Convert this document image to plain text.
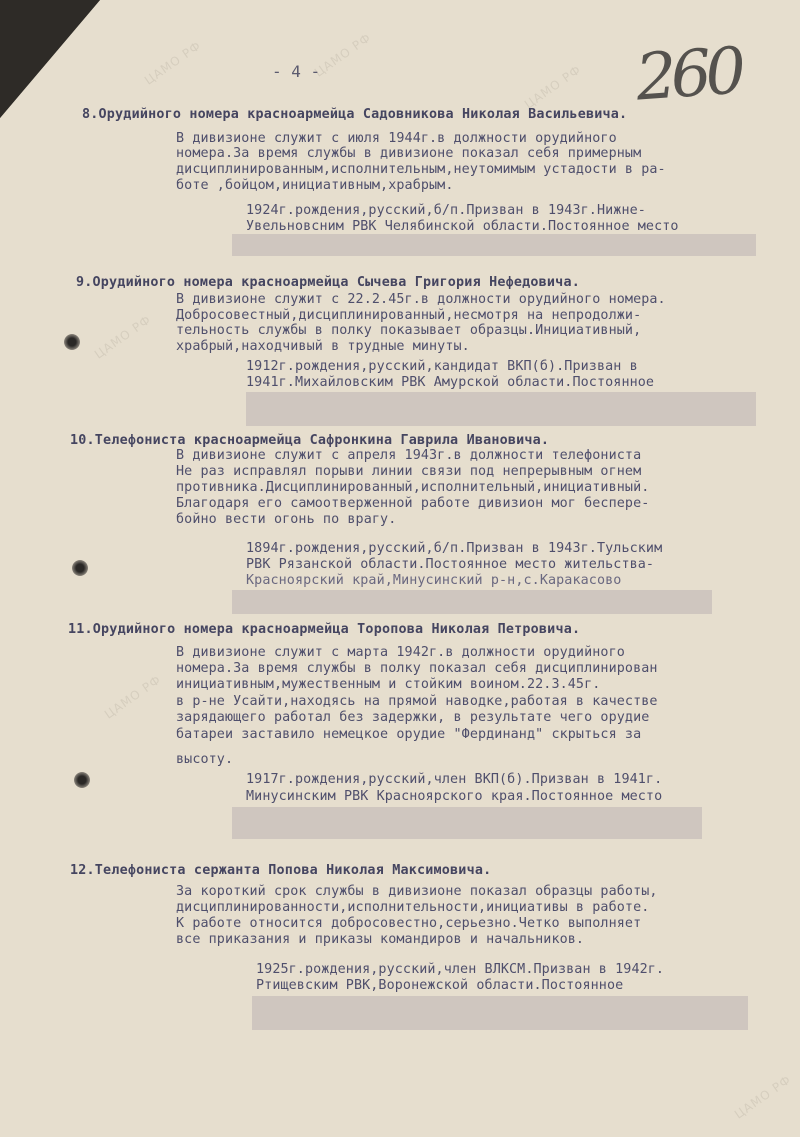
ЦАМО РФ	ЦАМО РФ
ЦАМО РФ
ЦАМО РФ
ЦАМО РФ
ЦАМО РФ
- 4 -	260

8.Орудийного номера красноармейца Садовникова Николая Васильевича.

В дивизионе служит с июля 1944г.в должности орудийного

номера.За время службы в дивизионе показал себя примерным

дисциплинированным,исполнительным,неутомимым устадости в ра-

боте ,бойцом,инициативным,храбрым.

1924г.рождения,русский,б/п.Призван в 1943г.Нижне-

Увельновсним РВК Челябинской области.Постоянное место

9.Орудийного номера красноармейца Сычева Григория Нефедовича.

В дивизионе служит с 22.2.45г.в должности орудийного номера.

Добросовестный,дисциплинированный,несмотря на непродолжи-

тельность службы в полку показывает образцы.Инициативный,

храбрый,находчивый в трудные минуты.

1912г.рождения,русский,кандидат ВКП(б).Призван в

1941г.Михайловским РВК Амурской области.Постоянное

10.Телефониста красноармейца Сафронкина Гаврила Ивановича.

В дивизионе служит с апреля 1943г.в должности телефониста

Не раз исправлял порыви линии связи под непрерывным огнем

противника.Дисциплинированный,исполнительный,инициативный.

Благодаря его самоотверженной работе дивизион мог беспере-

бойно вести огонь по врагу.

1894г.рождения,русский,б/п.Призван в 1943г.Тульским

РВК Рязанской области.Постоянное место жительства-

Красноярский край,Минусинский р-н,с.Каракасово

11.Орудийного номера красноармейца Торопова Николая Петровича.

В дивизионе служит с марта 1942г.в должности орудийного

номера.За время службы в полку показал себя дисциплинирован

инициативным,мужественным и стойким воином.22.3.45г.

в р-не Усайти,находясь на прямой наводке,работая в качестве

зарядающего работал без задержки, в результате чего орудие

батареи заставило немецкое орудие "Фердинанд" скрыться за

высоту.

1917г.рождения,русский,член ВКП(б).Призван в 1941г.

Минусинским РВК Красноярского края.Постоянное место

12.Телефониста сержанта Попова Николая Максимовича.

За короткий срок службы в дивизионе показал образцы работы,

дисциплинированности,исполнительности,инициативы в работе.

К работе относится добросовестно,серьезно.Четко выполняет

все приказания и приказы командиров и начальников.

1925г.рождения,русский,член ВЛКСМ.Призван в 1942г.

Ртищевским РВК,Воронежской области.Постоянное
